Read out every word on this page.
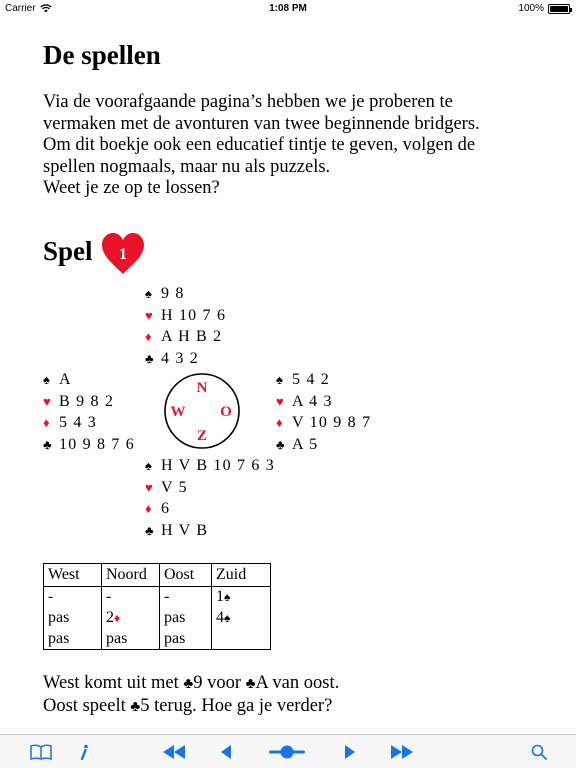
Carrier	1:08 PM	100%
De spellen

Via de voorafgaande pagina’s hebben we je proberen te

vermaken met de avonturen van twee beginnende bridgers.

Om dit boekje ook een educatief tintje te geven, volgen de

spellen nogmaals, maar nu als puzzels.

Weet je ze op te lossen?

Spel 1
♠ 9 8
♥ H 10 7 6
♦ A H B 2
♣ 4 3 2
♠ A
♥ B 9 8 2
♦ 5 4 3
♣ 10 9 8 7 6
N
W O
Z
♠ 5 4 2
♥ A 4 3
♦ V 10 9 8 7
♣ A 5
♠ H V B 10 7 6 3
♥ V 5
♦ 6
♣ H V B
West	Noord	Oost	Zuid
-	-	-	1♠
pas	2♦	pas	4♠
pas	pas	pas	
West komt uit met ♣9 voor ♣A van oost.
Oost speelt ♣5 terug. Hoe ga je verder?
